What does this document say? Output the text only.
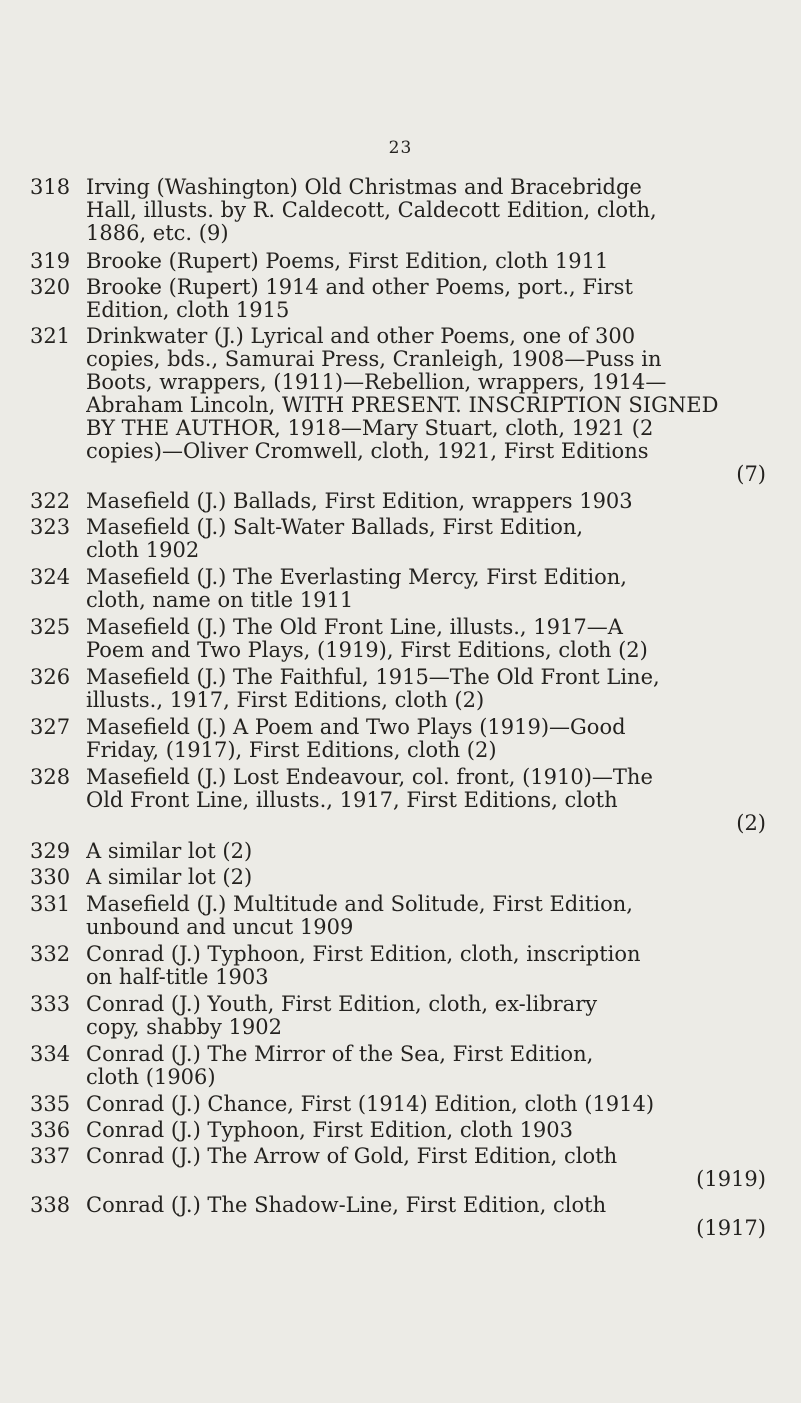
23
318 Irving (Washington) Old Christmas and Bracebridge

Hall, illusts. by R. Caldecott, Caldecott Edition, cloth,

1886, etc. (9)

319 Brooke (Rupert) Poems, First Edition, cloth 1911

320 Brooke (Rupert) 1914 and other Poems, port., First

Edition, cloth 1915

321 Drinkwater (J.) Lyrical and other Poems, one of 300

copies, bds., Samurai Press, Cranleigh, 1908—Puss in

Boots, wrappers, (1911)—Rebellion, wrappers, 1914—

Abraham Lincoln, WITH PRESENT. INSCRIPTION SIGNED

BY THE AUTHOR, 1918—Mary Stuart, cloth, 1921 (2

copies)—Oliver Cromwell, cloth, 1921, First Editions

(7)

322 Masefield (J.) Ballads, First Edition, wrappers 1903

323 Masefield (J.) Salt-Water Ballads, First Edition,

cloth 1902

324 Masefield (J.) The Everlasting Mercy, First Edition,

cloth, name on title 1911

325 Masefield (J.) The Old Front Line, illusts., 1917—A

Poem and Two Plays, (1919), First Editions, cloth (2)

326 Masefield (J.) The Faithful, 1915—The Old Front Line,

illusts., 1917, First Editions, cloth (2)

327 Masefield (J.) A Poem and Two Plays (1919)—Good

Friday, (1917), First Editions, cloth (2)

328 Masefield (J.) Lost Endeavour, col. front, (1910)—The

Old Front Line, illusts., 1917, First Editions, cloth

(2)

329 A similar lot (2)

330 A similar lot (2)

331 Masefield (J.) Multitude and Solitude, First Edition,

unbound and uncut 1909

332 Conrad (J.) Typhoon, First Edition, cloth, inscription

on half-title 1903

333 Conrad (J.) Youth, First Edition, cloth, ex-library

copy, shabby 1902

334 Conrad (J.) The Mirror of the Sea, First Edition,

cloth (1906)

335 Conrad (J.) Chance, First (1914) Edition, cloth (1914)

336 Conrad (J.) Typhoon, First Edition, cloth 1903

337 Conrad (J.) The Arrow of Gold, First Edition, cloth

(1919)

338 Conrad (J.) The Shadow-Line, First Edition, cloth

(1917)
